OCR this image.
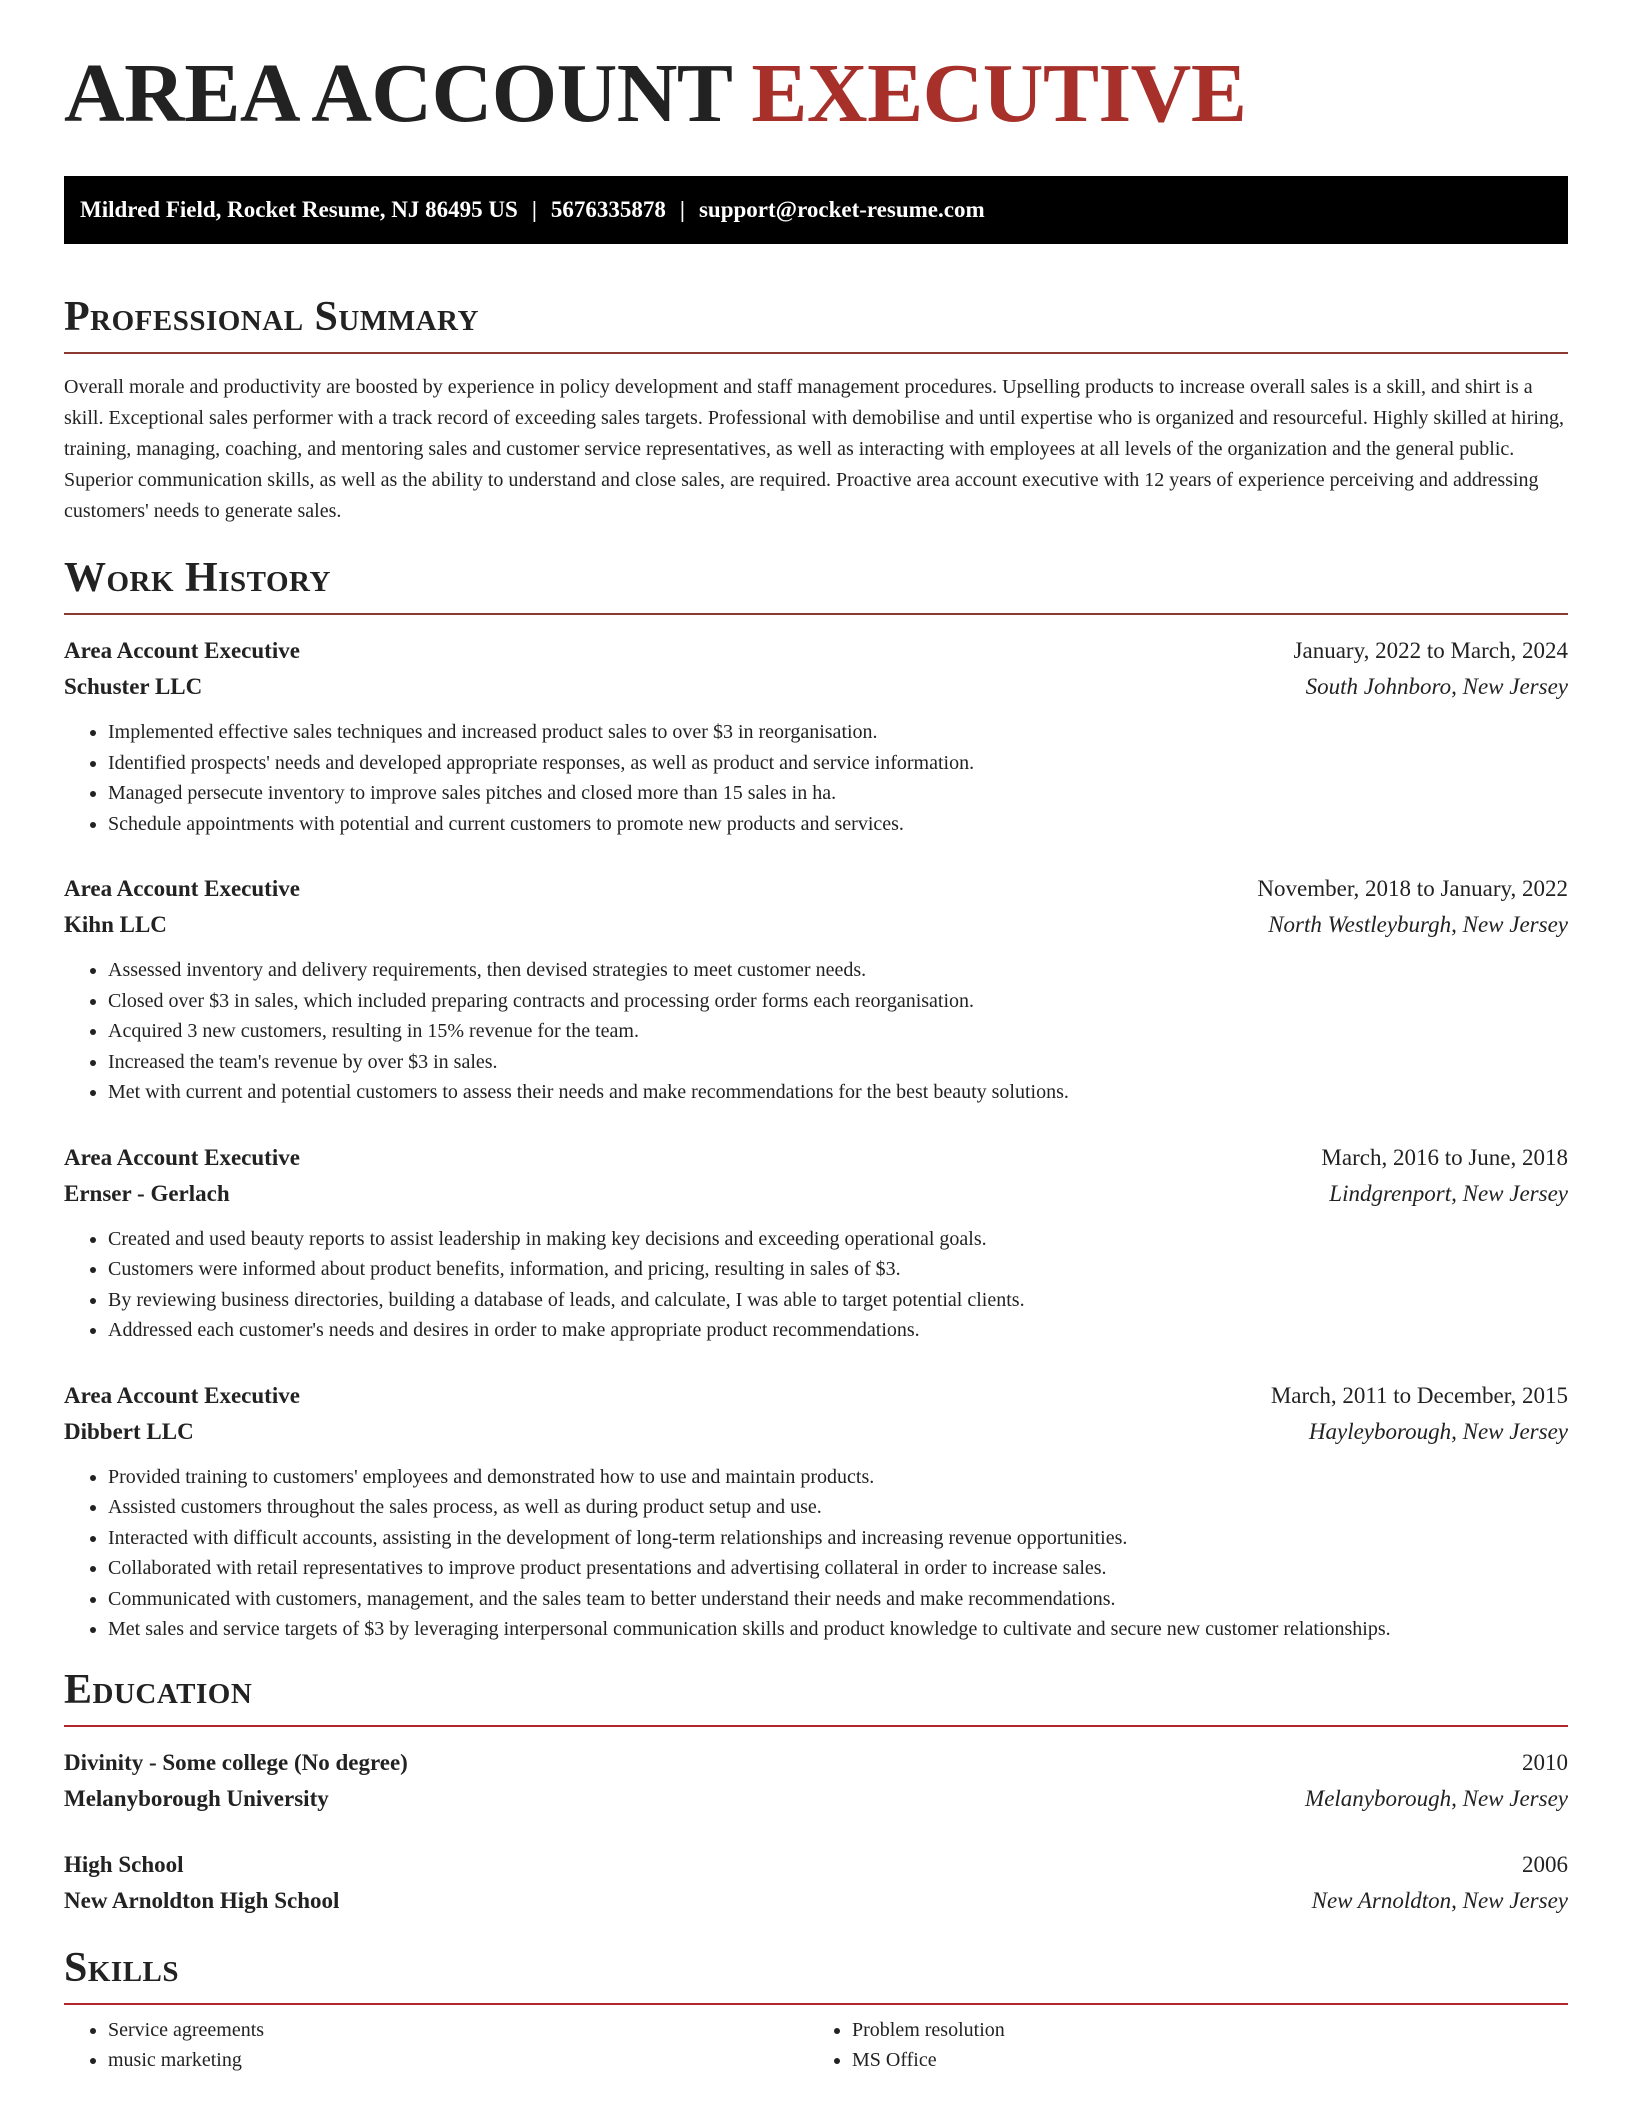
AREA ACCOUNT EXECUTIVE
Mildred Field, Rocket Resume, NJ 86495 US | 5676335878 | support@rocket-resume.com
Professional Summary

Overall morale and productivity are boosted by experience in policy development and staff management procedures. Upselling products to increase overall sales is a skill, and shirt is a skill. Exceptional sales performer with a track record of exceeding sales targets. Professional with demobilise and until expertise who is organized and resourceful. Highly skilled at hiring, training, managing, coaching, and mentoring sales and customer service representatives, as well as interacting with employees at all levels of the organization and the general public. Superior communication skills, as well as the ability to understand and close sales, are required. Proactive area account executive with 12 years of experience perceiving and addressing customers' needs to generate sales.

Work History
Area Account Executive	January, 2022 to March, 2024
Schuster LLC	South Johnboro, New Jersey
• Implemented effective sales techniques and increased product sales to over $3 in reorganisation.
• Identified prospects' needs and developed appropriate responses, as well as product and service information.
• Managed persecute inventory to improve sales pitches and closed more than 15 sales in ha.
• Schedule appointments with potential and current customers to promote new products and services.
Area Account Executive	November, 2018 to January, 2022
Kihn LLC	North Westleyburgh, New Jersey
• Assessed inventory and delivery requirements, then devised strategies to meet customer needs.
• Closed over $3 in sales, which included preparing contracts and processing order forms each reorganisation.
• Acquired 3 new customers, resulting in 15% revenue for the team.
• Increased the team's revenue by over $3 in sales.
• Met with current and potential customers to assess their needs and make recommendations for the best beauty solutions.
Area Account Executive	March, 2016 to June, 2018
Ernser - Gerlach	Lindgrenport, New Jersey
• Created and used beauty reports to assist leadership in making key decisions and exceeding operational goals.
• Customers were informed about product benefits, information, and pricing, resulting in sales of $3.
• By reviewing business directories, building a database of leads, and calculate, I was able to target potential clients.
• Addressed each customer's needs and desires in order to make appropriate product recommendations.
Area Account Executive	March, 2011 to December, 2015
Dibbert LLC	Hayleyborough, New Jersey
• Provided training to customers' employees and demonstrated how to use and maintain products.
• Assisted customers throughout the sales process, as well as during product setup and use.
• Interacted with difficult accounts, assisting in the development of long-term relationships and increasing revenue opportunities.
• Collaborated with retail representatives to improve product presentations and advertising collateral in order to increase sales.
• Communicated with customers, management, and the sales team to better understand their needs and make recommendations.
• Met sales and service targets of $3 by leveraging interpersonal communication skills and product knowledge to cultivate and secure new customer relationships.
Education
Divinity - Some college (No degree)	2010
Melanyborough University	Melanyborough, New Jersey
High School	2006
New Arnoldton High School	New Arnoldton, New Jersey
Skills
• Service agreements
• music marketing
• Problem resolution
• MS Office
